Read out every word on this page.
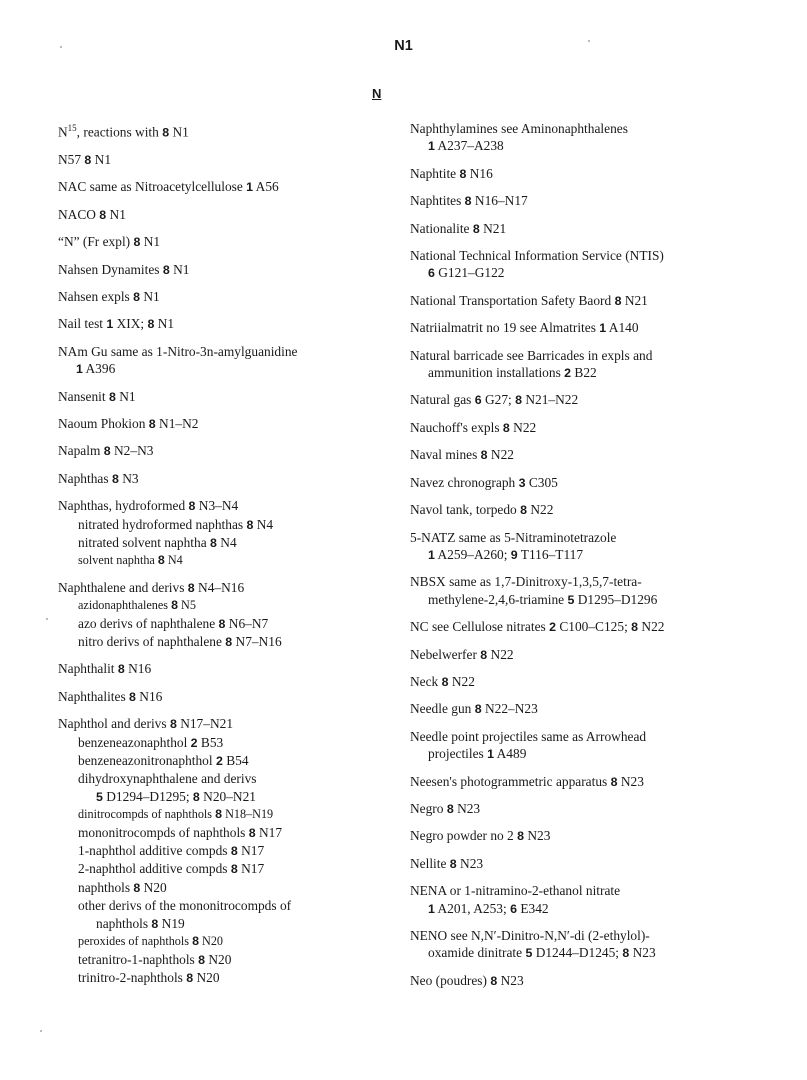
N1
N
$N^{15}$, reactions with 8 N1
N57 8 N1
NAC same as Nitroacetylcellulose 1 A56
NACO 8 N1
“N” (Fr expl) 8 N1
Nahsen Dynamites 8 N1
Nahsen expls 8 N1
Nail test 1 XIX; 8 N1
NAm Gu same as 1-Nitro-3n-amylguanidine
1 A396
Nansenit 8 N1
Naoum Phokion 8 N1–N2
Napalm 8 N2–N3
Naphthas 8 N3
Naphthas, hydroformed 8 N3–N4
nitrated hydroformed naphthas 8 N4
nitrated solvent naphtha 8 N4
solvent naphtha 8 N4
Naphthalene and derivs 8 N4–N16
azidonaphthalenes 8 N5
azo derivs of naphthalene 8 N6–N7
nitro derivs of naphthalene 8 N7–N16
Naphthalit 8 N16
Naphthalites 8 N16
Naphthol and derivs 8 N17–N21
benzeneazonaphthol 2 B53
benzeneazonitronaphthol 2 B54
dihydroxynaphthalene and derivs
5 D1294–D1295; 8 N20–N21
dinitrocompds of naphthols 8 N18–N19
mononitrocompds of naphthols 8 N17
1-naphthol additive compds 8 N17
2-naphthol additive compds 8 N17
naphthols 8 N20
other derivs of the mononitrocompds of
naphthols 8 N19
peroxides of naphthols 8 N20
tetranitro-1-naphthols 8 N20
trinitro-2-naphthols 8 N20
Naphthylamines see Aminonaphthalenes
1 A237–A238
Naphtite 8 N16
Naphtites 8 N16–N17
Nationalite 8 N21
National Technical Information Service (NTIS)
6 G121–G122
National Transportation Safety Baord 8 N21
Natriialmatrit no 19 see Almatrites 1 A140
Natural barricade see Barricades in expls and
ammunition installations 2 B22
Natural gas 6 G27; 8 N21–N22
Nauchoff's expls 8 N22
Naval mines 8 N22
Navez chronograph 3 C305
Navol tank, torpedo 8 N22
5-NATZ same as 5-Nitraminotetrazole
1 A259–A260; 9 T116–T117
NBSX same as 1,7-Dinitroxy-1,3,5,7-tetra-
methylene-2,4,6-triamine 5 D1295–D1296
NC see Cellulose nitrates 2 C100–C125; 8 N22
Nebelwerfer 8 N22
Neck 8 N22
Needle gun 8 N22–N23
Needle point projectiles same as Arrowhead
projectiles 1 A489
Neesen's photogrammetric apparatus 8 N23
Negro 8 N23
Negro powder no 2 8 N23
Nellite 8 N23
NENA or 1-nitramino-2-ethanol nitrate
1 A201, A253; 6 E342
NENO see N,N′-Dinitro-N,N′-di (2-ethylol)-
oxamide dinitrate 5 D1244–D1245; 8 N23
Neo (poudres) 8 N23
